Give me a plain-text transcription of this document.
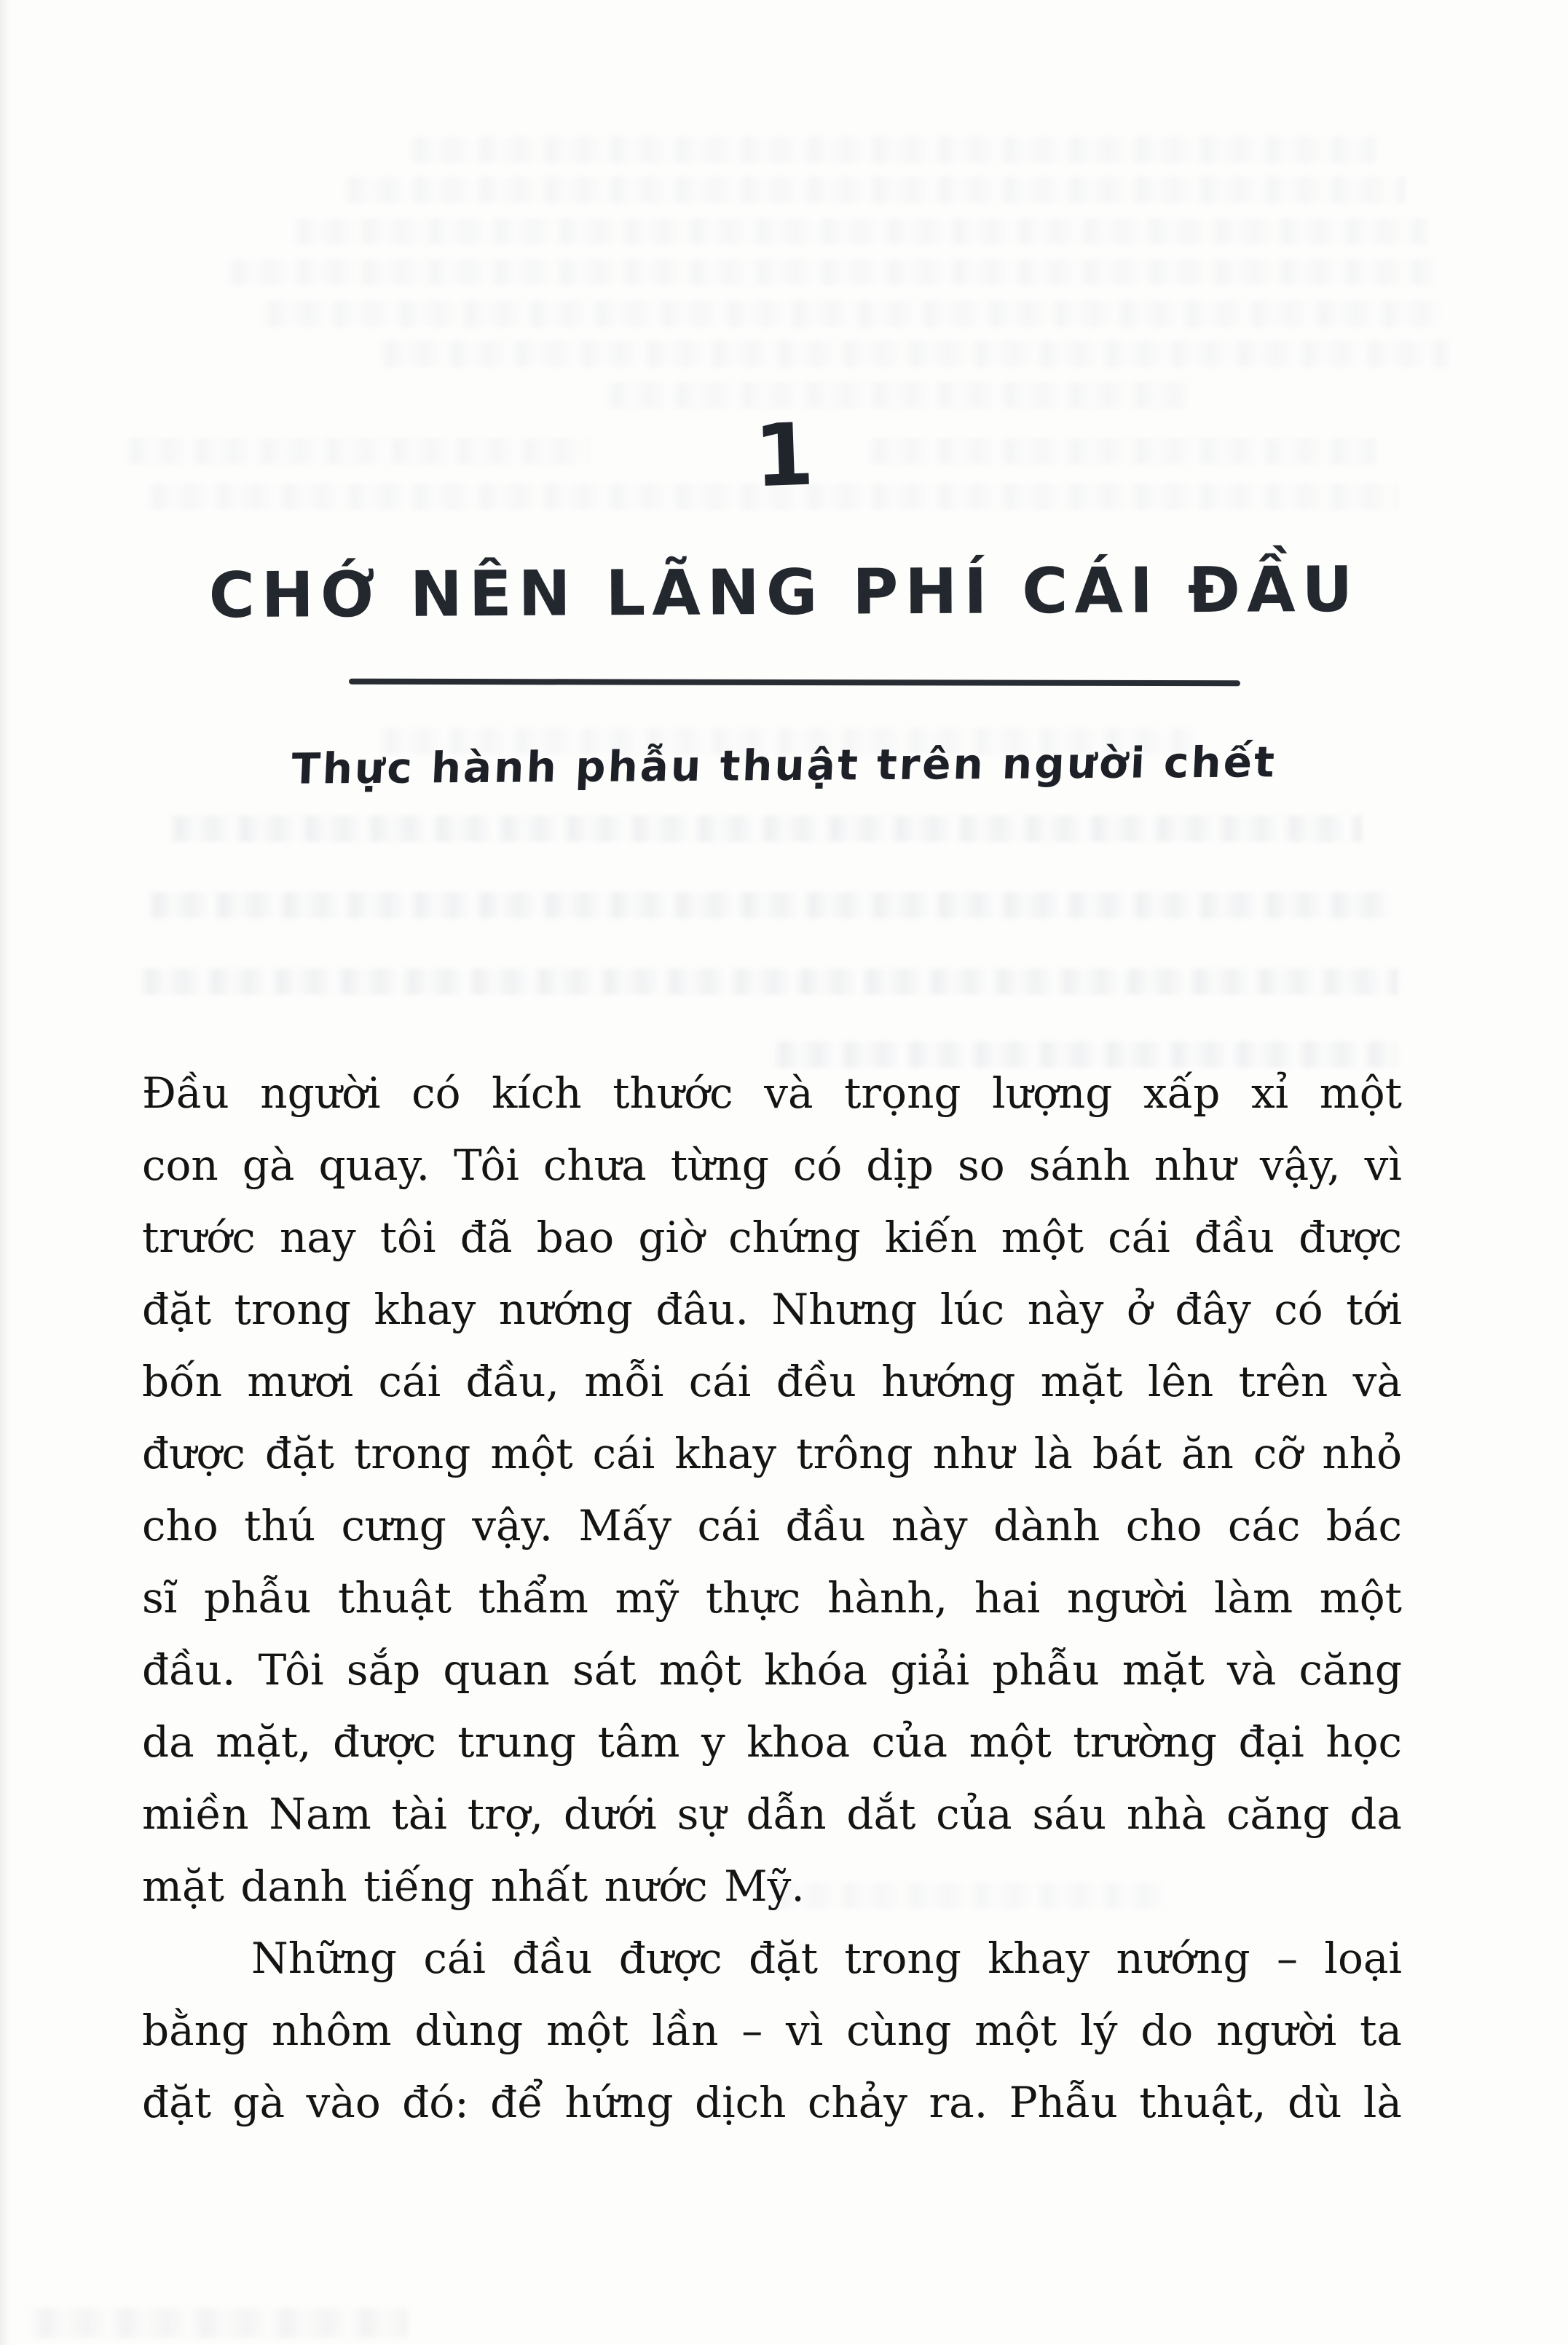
1
CHỚ NÊN LÃNG PHÍ CÁI ĐẦU
Thực hành phẫu thuật trên người chết
Đầu người có kích thước và trọng lượng xấp xỉ một
con gà quay. Tôi chưa từng có dịp so sánh như vậy, vì
trước nay tôi đã bao giờ chứng kiến một cái đầu được
đặt trong khay nướng đâu. Nhưng lúc này ở đây có tới
bốn mươi cái đầu, mỗi cái đều hướng mặt lên trên và
được đặt trong một cái khay trông như là bát ăn cỡ nhỏ
cho thú cưng vậy. Mấy cái đầu này dành cho các bác
sĩ phẫu thuật thẩm mỹ thực hành, hai người làm một
đầu. Tôi sắp quan sát một khóa giải phẫu mặt và căng
da mặt, được trung tâm y khoa của một trường đại học
miền Nam tài trợ, dưới sự dẫn dắt của sáu nhà căng da
mặt danh tiếng nhất nước Mỹ.
Những cái đầu được đặt trong khay nướng – loại
bằng nhôm dùng một lần – vì cùng một lý do người ta
đặt gà vào đó: để hứng dịch chảy ra. Phẫu thuật, dù là
